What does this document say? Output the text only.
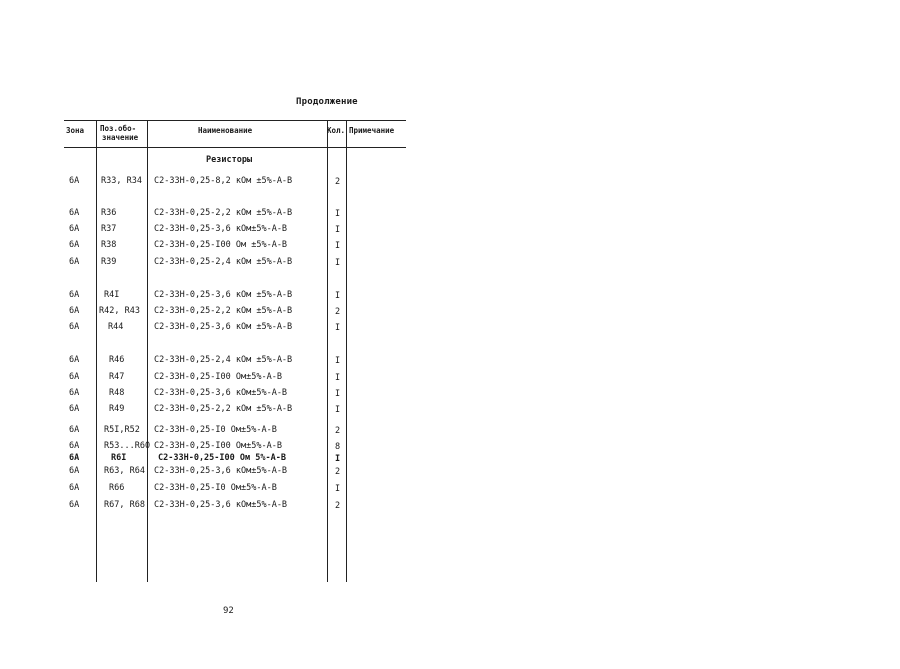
Продолжение
Зона Поз.обо-
значение
Наименование	Кол. Примечание
Резисторы
6А	R33, R34 С2-33Н-0,25-8,2 кОм ±5%-А-В	2
6А	R36	С2-33Н-0,25-2,2 кОм ±5%-А-В	I
6А	R37	С2-33Н-0,25-3,6 кОм±5%-А-В	I
6А	R38	С2-33Н-0,25-I00 Ом ±5%-А-В	I
6А	R39	С2-33Н-0,25-2,4 кОм ±5%-А-В	I
6А	R4I	С2-33Н-0,25-3,6 кОм ±5%-А-В	I
6А R42, R43 С2-33Н-0,25-2,2 кОм ±5%-А-В	2
6А	R44	С2-33Н-0,25-3,6 кОм ±5%-А-В	I
6А	R46	С2-33Н-0,25-2,4 кОм ±5%-А-В	I
6А	R47	С2-33Н-0,25-I00 Ом±5%-А-В	I
6А	R48	С2-33Н-0,25-3,6 кОм±5%-А-В	I
6А	R49	С2-33Н-0,25-2,2 кОм ±5%-А-В	I
6А	R5I,R52 С2-33Н-0,25-I0 Ом±5%-А-В	2
6А	R53...R60 С2-33Н-0,25-I00 Ом±5%-А-В	8
6А	R6I	С2-33Н-0,25-I00 Ом 5%-А-В	I
6А	R63, R64 С2-33Н-0,25-3,6 кОм±5%-А-В	2
6А	R66	С2-33Н-0,25-I0 Ом±5%-А-В	I
6А	R67, R68 С2-33Н-0,25-3,6 кОм±5%-А-В	2
92
